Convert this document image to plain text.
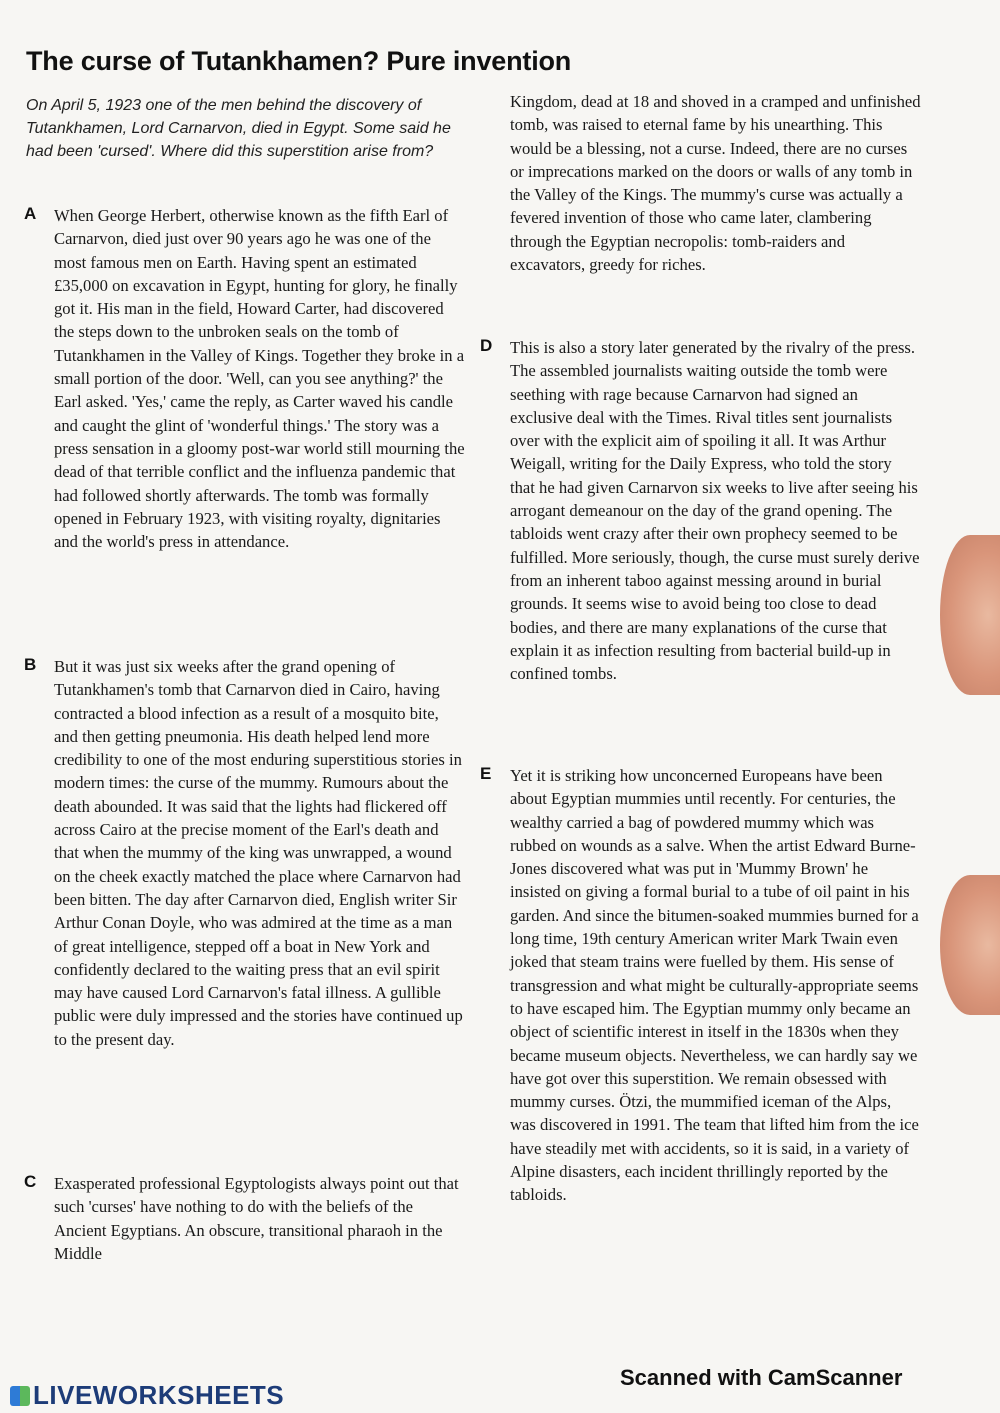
The curse of Tutankhamen? Pure invention
On April 5, 1923 one of the men behind the discovery of Tutankhamen, Lord Carnarvon, died in Egypt. Some said he had been 'cursed'. Where did this superstition arise from?
A When George Herbert, otherwise known as the fifth Earl of Carnarvon, died just over 90 years ago he was one of the most famous men on Earth. Having spent an estimated £35,000 on excavation in Egypt, hunting for glory, he finally got it. His man in the field, Howard Carter, had discovered the steps down to the unbroken seals on the tomb of Tutankhamen in the Valley of Kings. Together they broke in a small portion of the door. 'Well, can you see anything?' the Earl asked. 'Yes,' came the reply, as Carter waved his candle and caught the glint of 'wonderful things.' The story was a press sensation in a gloomy post-war world still mourning the dead of that terrible conflict and the influenza pandemic that had followed shortly afterwards. The tomb was formally opened in February 1923, with visiting royalty, dignitaries and the world's press in attendance.
B But it was just six weeks after the grand opening of Tutankhamen's tomb that Carnarvon died in Cairo, having contracted a blood infection as a result of a mosquito bite, and then getting pneumonia. His death helped lend more credibility to one of the most enduring superstitious stories in modern times: the curse of the mummy. Rumours about the death abounded. It was said that the lights had flickered off across Cairo at the precise moment of the Earl's death and that when the mummy of the king was unwrapped, a wound on the cheek exactly matched the place where Carnarvon had been bitten. The day after Carnarvon died, English writer Sir Arthur Conan Doyle, who was admired at the time as a man of great intelligence, stepped off a boat in New York and confidently declared to the waiting press that an evil spirit may have caused Lord Carnarvon's fatal illness. A gullible public were duly impressed and the stories have continued up to the present day.
C Exasperated professional Egyptologists always point out that such 'curses' have nothing to do with the beliefs of the Ancient Egyptians. An obscure, transitional pharaoh in the Middle
Kingdom, dead at 18 and shoved in a cramped and unfinished tomb, was raised to eternal fame by his unearthing. This would be a blessing, not a curse. Indeed, there are no curses or imprecations marked on the doors or walls of any tomb in the Valley of the Kings. The mummy's curse was actually a fevered invention of those who came later, clambering through the Egyptian necropolis: tomb-raiders and excavators, greedy for riches.
D This is also a story later generated by the rivalry of the press. The assembled journalists waiting outside the tomb were seething with rage because Carnarvon had signed an exclusive deal with the Times. Rival titles sent journalists over with the explicit aim of spoiling it all. It was Arthur Weigall, writing for the Daily Express, who told the story that he had given Carnarvon six weeks to live after seeing his arrogant demeanour on the day of the grand opening. The tabloids went crazy after their own prophecy seemed to be fulfilled. More seriously, though, the curse must surely derive from an inherent taboo against messing around in burial grounds. It seems wise to avoid being too close to dead bodies, and there are many explanations of the curse that explain it as infection resulting from bacterial build-up in confined tombs.
E Yet it is striking how unconcerned Europeans have been about Egyptian mummies until recently. For centuries, the wealthy carried a bag of powdered mummy which was rubbed on wounds as a salve. When the artist Edward Burne-Jones discovered what was put in 'Mummy Brown' he insisted on giving a formal burial to a tube of oil paint in his garden. And since the bitumen-soaked mummies burned for a long time, 19th century American writer Mark Twain even joked that steam trains were fuelled by them. His sense of transgression and what might be culturally-appropriate seems to have escaped him. The Egyptian mummy only became an object of scientific interest in itself in the 1830s when they became museum objects. Nevertheless, we can hardly say we have got over this superstition. We remain obsessed with mummy curses. Ötzi, the mummified iceman of the Alps, was discovered in 1991. The team that lifted him from the ice have steadily met with accidents, so it is said, in a variety of Alpine disasters, each incident thrillingly reported by the tabloids.
LIVEWORKSHEETS
Scanned with CamScanner
